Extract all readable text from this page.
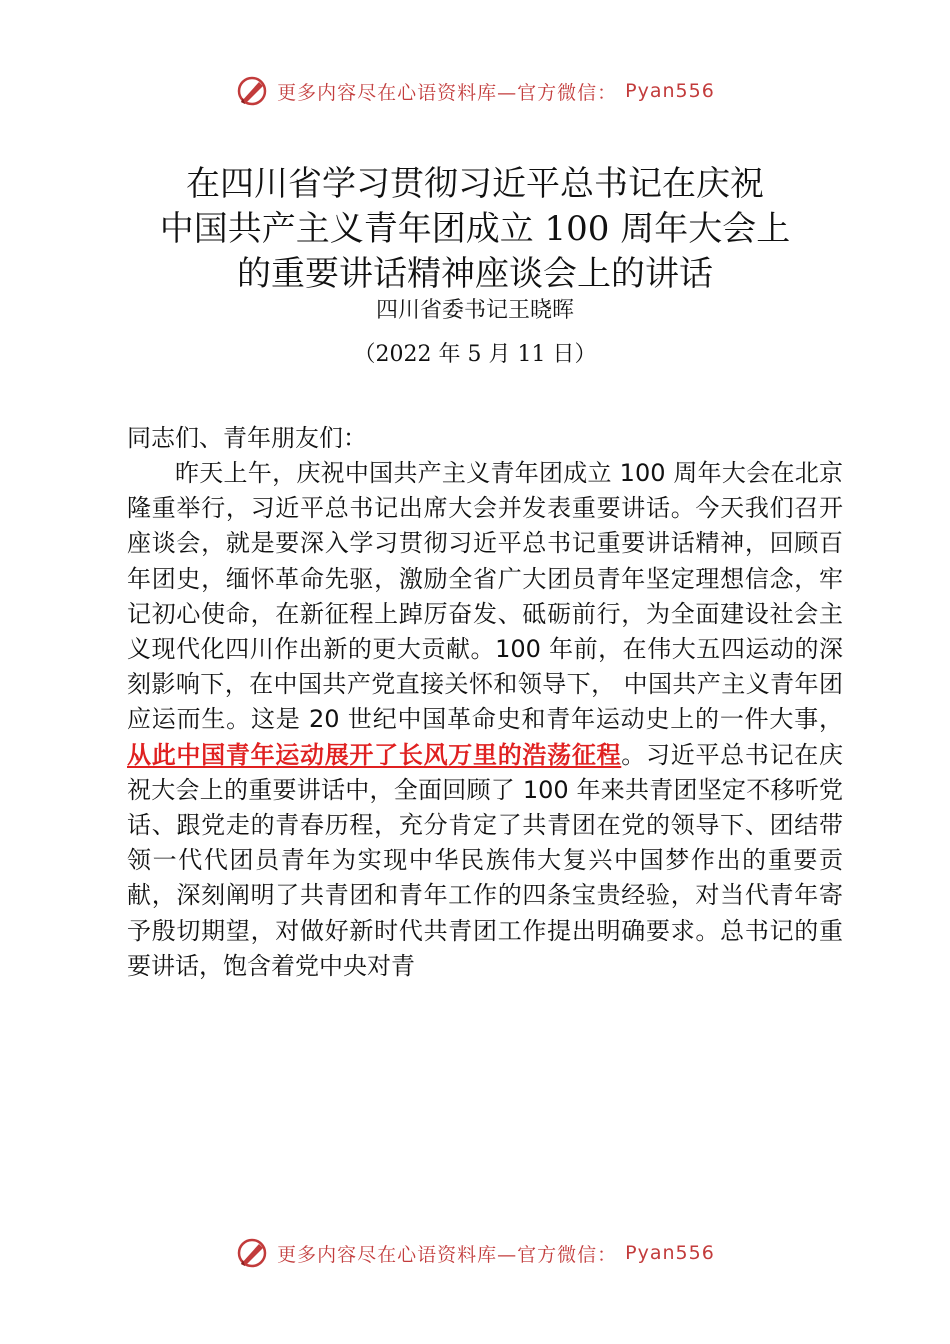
更多内容尽在心语资料库—官方微信： Pyan556
在四川省学习贯彻习近平总书记在庆祝
中国共产主义青年团成立 100 周年大会上
的重要讲话精神座谈会上的讲话
四川省委书记王晓晖
（2022 年 5 月 11 日）
同志们、青年朋友们：

昨天上午，庆祝中国共产主义青年团成立 100 周年大会在北京隆重举行，习近平总书记出席大会并发表重要讲话。今天我们召开座谈会，就是要深入学习贯彻习近平总书记重要讲话精神，回顾百年团史，缅怀革命先驱，激励全省广大团员青年坚定理想信念，牢记初心使命，在新征程上踔厉奋发、砥砺前行，为全面建设社会主义现代化四川作出新的更大贡献。100 年前，在伟大五四运动的深刻影响下，在中国共产党直接关怀和领导下， 中国共产主义青年团应运而生。这是 20 世纪中国革命史和青年运动史上的一件大事，从此中国青年运动展开了长风万里的浩荡征程。习近平总书记在庆祝大会上的重要讲话中，全面回顾了 100 年来共青团坚定不移听党话、跟党走的青春历程，充分肯定了共青团在党的领导下、团结带领一代代团员青年为实现中华民族伟大复兴中国梦作出的重要贡献，深刻阐明了共青团和青年工作的四条宝贵经验，对当代青年寄予殷切期望，对做好新时代共青团工作提出明确要求。总书记的重要讲话，饱含着党中央对青

更多内容尽在心语资料库—官方微信： Pyan556
